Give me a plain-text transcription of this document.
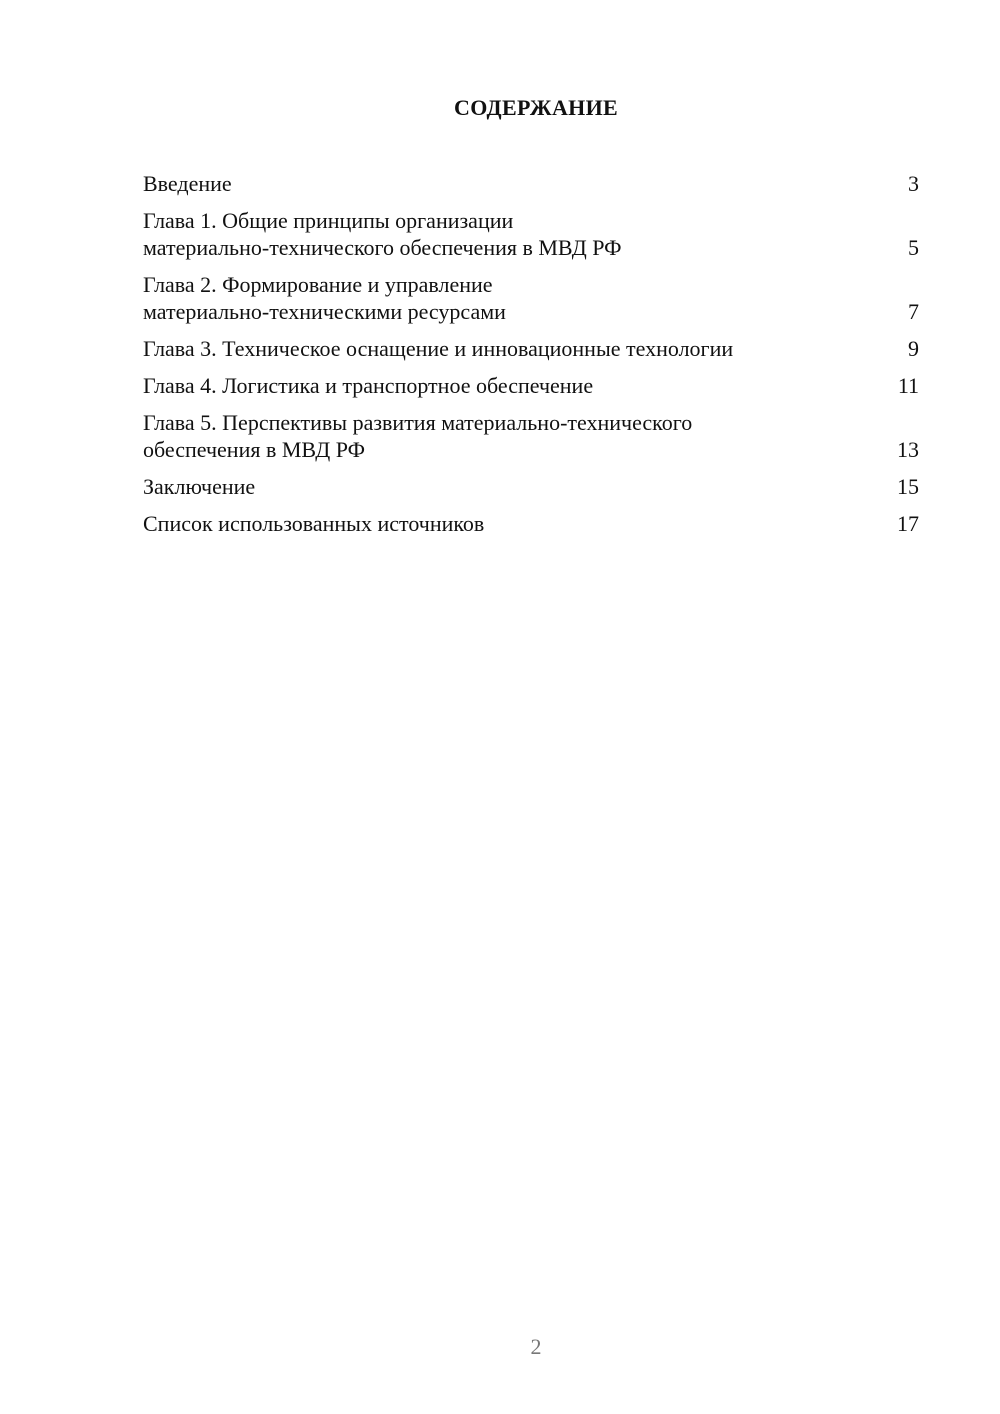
СОДЕРЖАНИЕ
Введение	3
Глава 1. Общие принципы организации
материально-технического обеспечения в МВД РФ	5
Глава 2. Формирование и управление
материально-техническими ресурсами	7
Глава 3. Техническое оснащение и инновационные технологии	9
Глава 4. Логистика и транспортное обеспечение	11
Глава 5. Перспективы развития материально-технического
обеспечения в МВД РФ	13
Заключение	15
Список использованных источников	17
2
